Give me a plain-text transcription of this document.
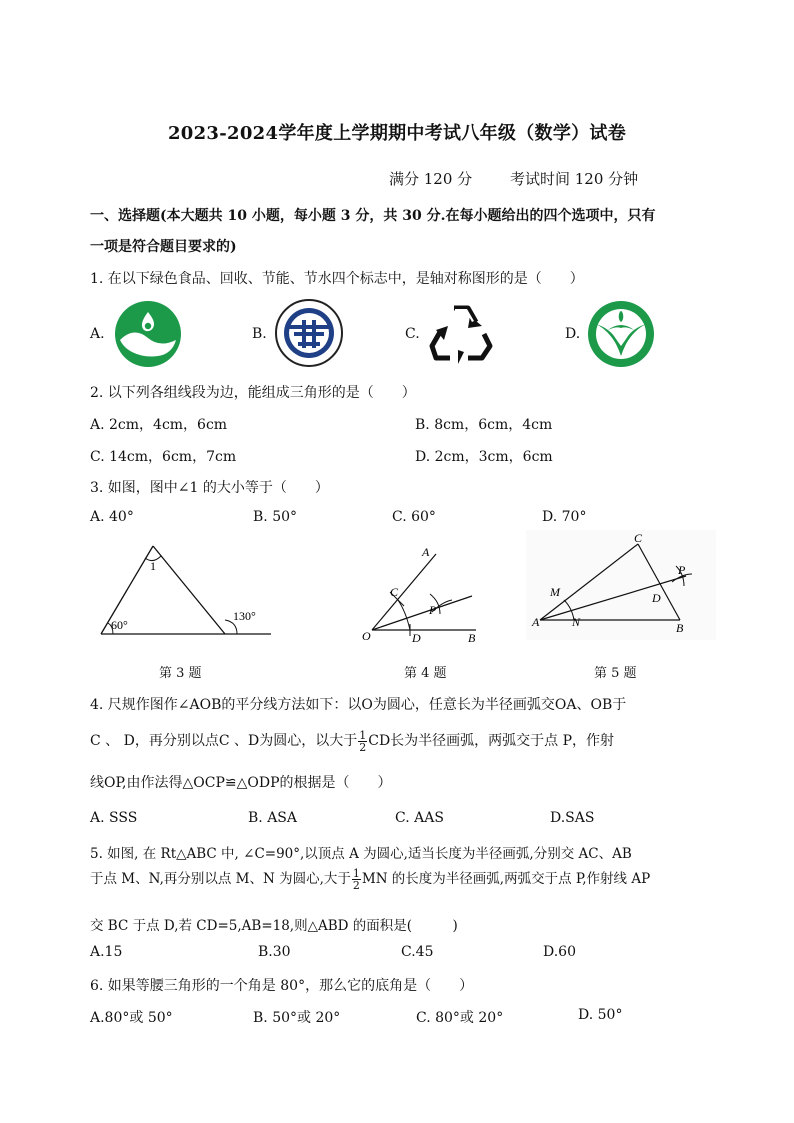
2023-2024学年度上学期期中考试八年级（数学）试卷
满分 120 分	考试时间 120 分钟
一、选择题(本大题共 10 小题，每小题 3 分，共 30 分.在每小题给出的四个选项中，只有
一项是符合题目要求的)
1. 在以下绿色食品、回收、节能、节水四个标志中，是轴对称图形的是（　　）
A.	B.	C.	D.
2. 以下列各组线段为边，能组成三角形的是（　　）
A. 2cm，4cm，6cm	B. 8cm，6cm，4cm
C. 14cm，6cm，7cm	D. 2cm，3cm，6cm
3. 如图，图中∠1 的大小等于（　　）
A. 40°	B. 50°	C. 60°	D. 70°
1
60°
130°
第 3 题
A
C
P
O	D	B
第 4 题
C
M
P
D
A	N	B
第 5 题
4. 尺规作图作∠AOB的平分线方法如下：以O为圆心，任意长为半径画弧交OA、OB于
C 、 D，再分别以点C 、D为圆心，以大于 $\frac{1}{2}$ CD长为半径画弧，两弧交于点 P，作射
线OP,由作法得△OCP≌△ODP的根据是（　　）
A. SSS	B. ASA	C. AAS	D.SAS
5. 如图, 在 Rt△ABC 中, ∠C=90°,以顶点 A 为圆心,适当长度为半径画弧,分别交 AC、AB
于点 M、N,再分别以点 M、N 为圆心,大于 $\frac{1}{2}$ MN 的长度为半径画弧,两弧交于点 P,作射线 AP
交 BC 于点 D,若 CD=5,AB=18,则△ABD 的面积是(　　　)
A.15	B.30	C.45	D.60
6. 如果等腰三角形的一个角是 80°，那么它的底角是（　　）
A.80°或 50°	B. 50°或 20°	C. 80°或 20°	D. 50°
